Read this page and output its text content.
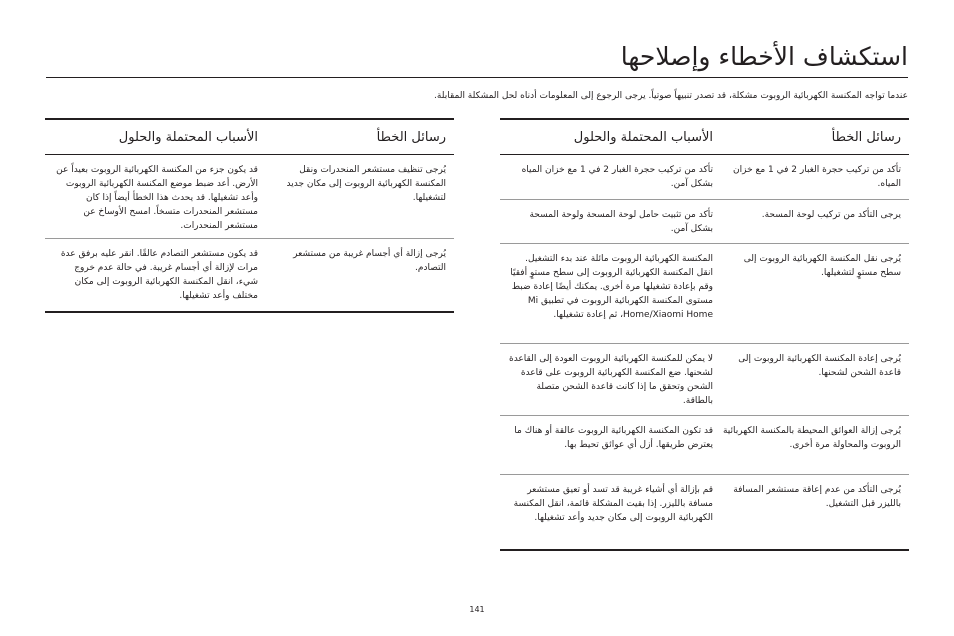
استكشاف الأخطاء وإصلاحها
عندما تواجه المكنسة الكهربائية الروبوت مشكلة، قد تصدر تنبيهاً صوتياً. يرجى الرجوع إلى المعلومات أدناه لحل المشكلة المقابلة.
رسائل الخطأ
الأسباب المحتملة والحلول
تأكد من تركيب حجرة الغبار 2 في 1 مع خزان المياه.
تأكد من تركيب حجرة الغبار 2 في 1 مع خزان المياه بشكل آمن.
يرجى التأكد من تركيب لوحة المسحة.
تأكد من تثبيت حامل لوحة المسحة ولوحة المسحة بشكل آمن.
يُرجى نقل المكنسة الكهربائية الروبوت إلى سطح مستوٍ لتشغيلها.
المكنسة الكهربائية الروبوت مائلة عند بدء التشغيل. انقل المكنسة الكهربائية الروبوت إلى سطح مستوٍ أفقيًا وقم بإعادة تشغيلها مرة أخرى. يمكنك أيضًا إعادة ضبط مستوى المكنسة الكهربائية الروبوت في تطبيق Mi Home/Xiaomi Home، ثم إعادة تشغيلها.
يُرجى إعادة المكنسة الكهربائية الروبوت إلى قاعدة الشحن لشحنها.
لا يمكن للمكنسة الكهربائية الروبوت العودة إلى القاعدة لشحنها. ضع المكنسة الكهربائية الروبوت على قاعدة الشحن وتحقق ما إذا كانت قاعدة الشحن متصلة بالطاقة.
يُرجى إزالة العوائق المحيطة بالمكنسة الكهربائية الروبوت والمحاولة مرة أخرى.
قد تكون المكنسة الكهربائية الروبوت عالقة أو هناك ما يعترض طريقها. أزل أي عوائق تحيط بها.
يُرجى التأكد من عدم إعاقة مستشعر المسافة بالليزر قبل التشغيل.
قم بإزالة أي أشياء غريبة قد تسد أو تعيق مستشعر مسافة بالليزر. إذا بقيت المشكلة قائمة، انقل المكنسة الكهربائية الروبوت إلى مكان جديد وأعد تشغيلها.
رسائل الخطأ
الأسباب المحتملة والحلول
يُرجى تنظيف مستشعر المنحدرات ونقل المكنسة الكهربائية الروبوت إلى مكان جديد لتشغيلها.
قد يكون جزء من المكنسة الكهربائية الروبوت بعيداً عن الأرض. أعد ضبط موضع المكنسة الكهربائية الروبوت وأعد تشغيلها. قد يحدث هذا الخطأ أيضاً إذا كان مستشعر المنحدرات متسخاً. امسح الأوساخ عن مستشعر المنحدرات.
يُرجى إزالة أي أجسام غريبة من مستشعر التصادم.
قد يكون مستشعر التصادم عالقًا. انقر عليه برفق عدة مرات لإزالة أي أجسام غريبة. في حالة عدم خروج شيء، انقل المكنسة الكهربائية الروبوت إلى مكان مختلف وأعد تشغيلها.
141
